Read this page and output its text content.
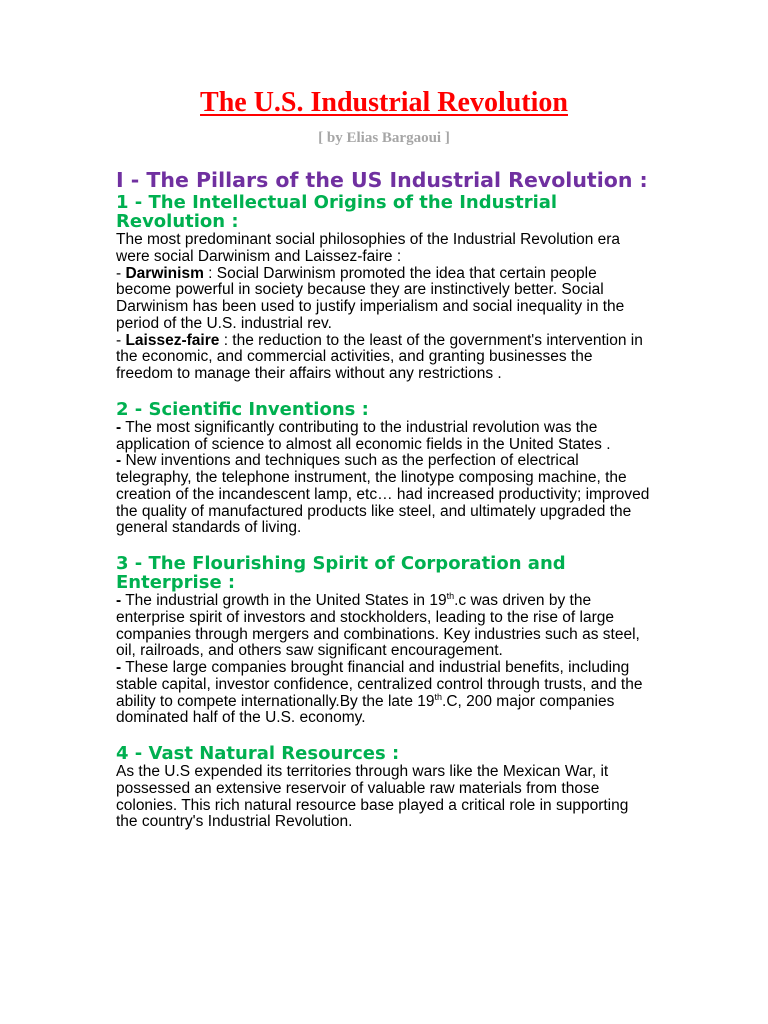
The U.S. Industrial Revolution
[ by Elias Bargaoui ]
I - The Pillars of the US Industrial Revolution :
1 - The Intellectual Origins of the Industrial
Revolution :
The most predominant social philosophies of the Industrial Revolution era
were social Darwinism and Laissez-faire :
- Darwinism : Social Darwinism promoted the idea that certain people
become powerful in society because they are instinctively better. Social
Darwinism has been used to justify imperialism and social inequality in the
period of the U.S. industrial rev.
- Laissez-faire : the reduction to the least of the government's intervention in
the economic, and commercial activities, and granting businesses the
freedom to manage their affairs without any restrictions .
2 - Scientific Inventions :
- The most significantly contributing to the industrial revolution was the
application of science to almost all economic fields in the United States .
- New inventions and techniques such as the perfection of electrical
telegraphy, the telephone instrument, the linotype composing machine, the
creation of the incandescent lamp, etc… had increased productivity; improved
the quality of manufactured products like steel, and ultimately upgraded the
general standards of living.
3 - The Flourishing Spirit of Corporation and
Enterprise :
- The industrial growth in the United States in 19th.c was driven by the
enterprise spirit of investors and stockholders, leading to the rise of large
companies through mergers and combinations. Key industries such as steel,
oil, railroads, and others saw significant encouragement.
- These large companies brought financial and industrial benefits, including
stable capital, investor confidence, centralized control through trusts, and the
ability to compete internationally.By the late 19th.C, 200 major companies
dominated half of the U.S. economy.
4 - Vast Natural Resources :
As the U.S expended its territories through wars like the Mexican War, it
possessed an extensive reservoir of valuable raw materials from those
colonies. This rich natural resource base played a critical role in supporting
the country's Industrial Revolution.
